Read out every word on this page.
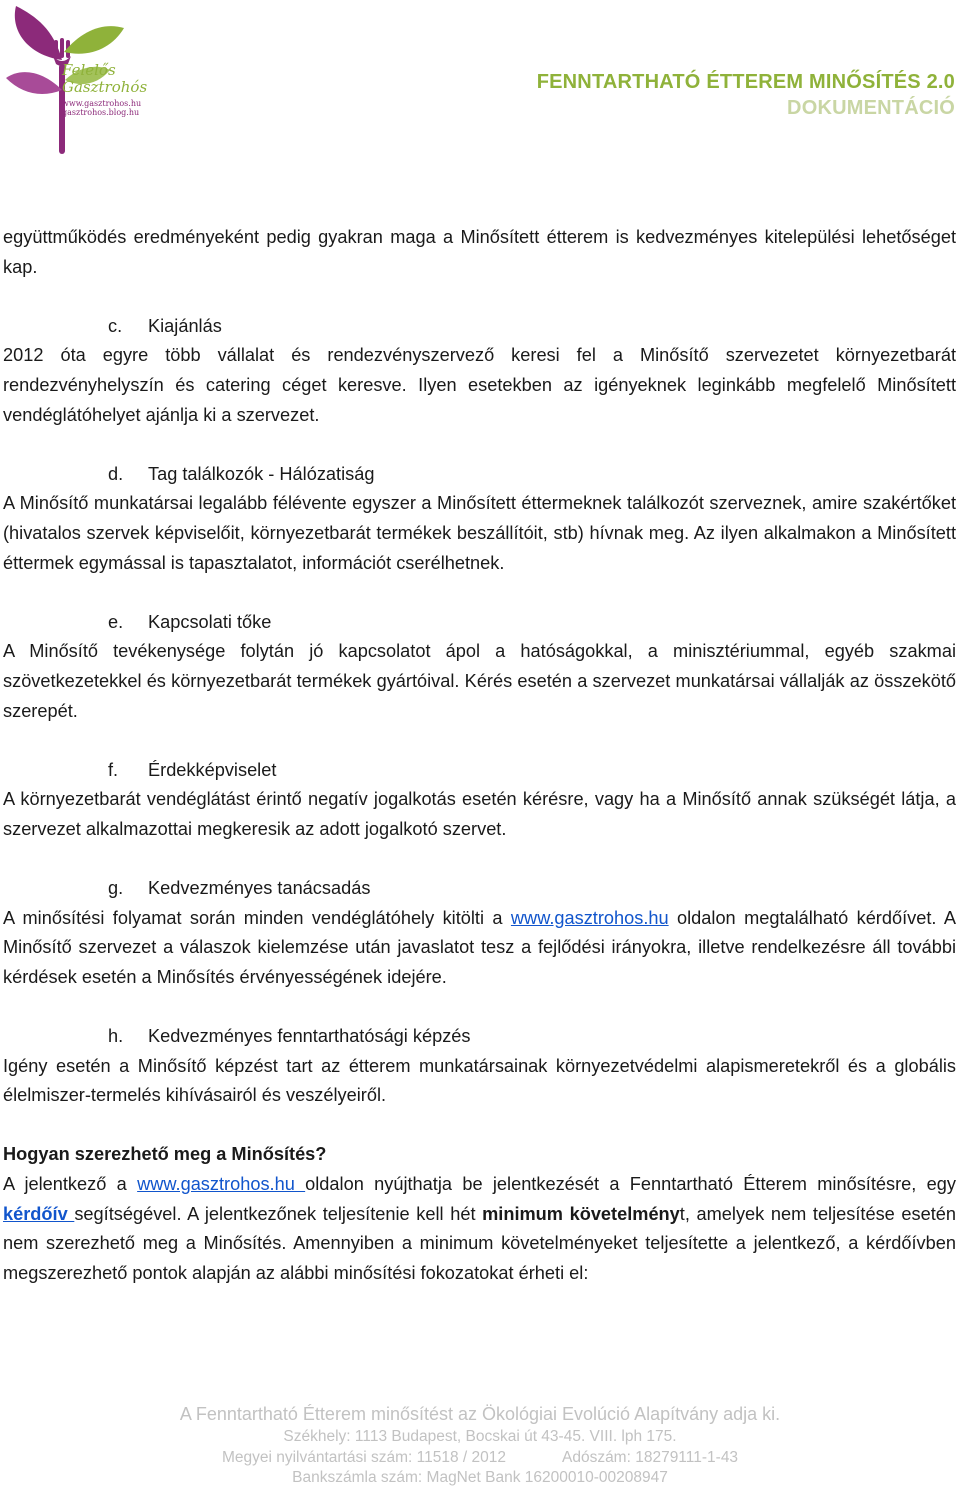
Felelős
Gasztrohós
www.gasztrohos.hu
gasztrohos.blog.hu
FENNTARTHATÓ ÉTTEREM MINŐSÍTÉS 2.0
DOKUMENTÁCIÓ

együttműködés eredményeként pedig gyakran maga a Minősített étterem is kedvezményes kitelepülési lehetőséget kap.

c. Kiajánlás

2012 óta egyre több vállalat és rendezvényszervező keresi fel a Minősítő szervezetet környezetbarát rendezvényhelyszín és catering céget keresve. Ilyen esetekben az igényeknek leginkább megfelelő Minősített vendéglátóhelyet ajánlja ki a szervezet.

d. Tag találkozók - Hálózatiság

A Minősítő munkatársai legalább félévente egyszer a Minősített éttermeknek találkozót szerveznek, amire szakértőket (hivatalos szervek képviselőit, környezetbarát termékek beszállítóit, stb) hívnak meg. Az ilyen alkalmakon a Minősített éttermek egymással is tapasztalatot, információt cserélhetnek.

e. Kapcsolati tőke

A Minősítő tevékenysége folytán jó kapcsolatot ápol a hatóságokkal, a minisztériummal, egyéb szakmai szövetkezetekkel és környezetbarát termékek gyártóival. Kérés esetén a szervezet munkatársai vállalják az összekötő szerepét.

f. Érdekképviselet

A környezetbarát vendéglátást érintő negatív jogalkotás esetén kérésre, vagy ha a Minősítő annak szükségét látja, a szervezet alkalmazottai megkeresik az adott jogalkotó szervet.

g. Kedvezményes tanácsadás

A minősítési folyamat során minden vendéglátóhely kitölti a www.gasztrohos.hu oldalon megtalálható kérdőívet. A Minősítő szervezet a válaszok kielemzése után javaslatot tesz a fejlődési irányokra, illetve rendelkezésre áll további kérdések esetén a Minősítés érvényességének idejére.

h. Kedvezményes fenntarthatósági képzés

Igény esetén a Minősítő képzést tart az étterem munkatársainak környezetvédelmi alapismeretekről és a globális élelmiszer-termelés kihívásairól és veszélyeiről.

Hogyan szerezhető meg a Minősítés?

A jelentkező a www.gasztrohos.hu oldalon nyújthatja be jelentkezését a Fenntartható Étterem minősítésre, egy kérdőív segítségével. A jelentkezőnek teljesítenie kell hét minimum követelményt, amelyek nem teljesítése esetén nem szerezhető meg a Minősítés. Amennyiben a minimum követelményeket teljesítette a jelentkező, a kérdőívben megszerezhető pontok alapján az alábbi minősítési fokozatokat érheti el:

A Fenntartható Étterem minősítést az Ökológiai Evolúció Alapítvány adja ki.
Székhely: 1113 Budapest, Bocskai út 43-45. VIII. lph 175.
Megyei nyilvántartási szám: 11518 / 2012	Adószám: 18279111-1-43
Bankszámla szám: MagNet Bank 16200010-00208947
